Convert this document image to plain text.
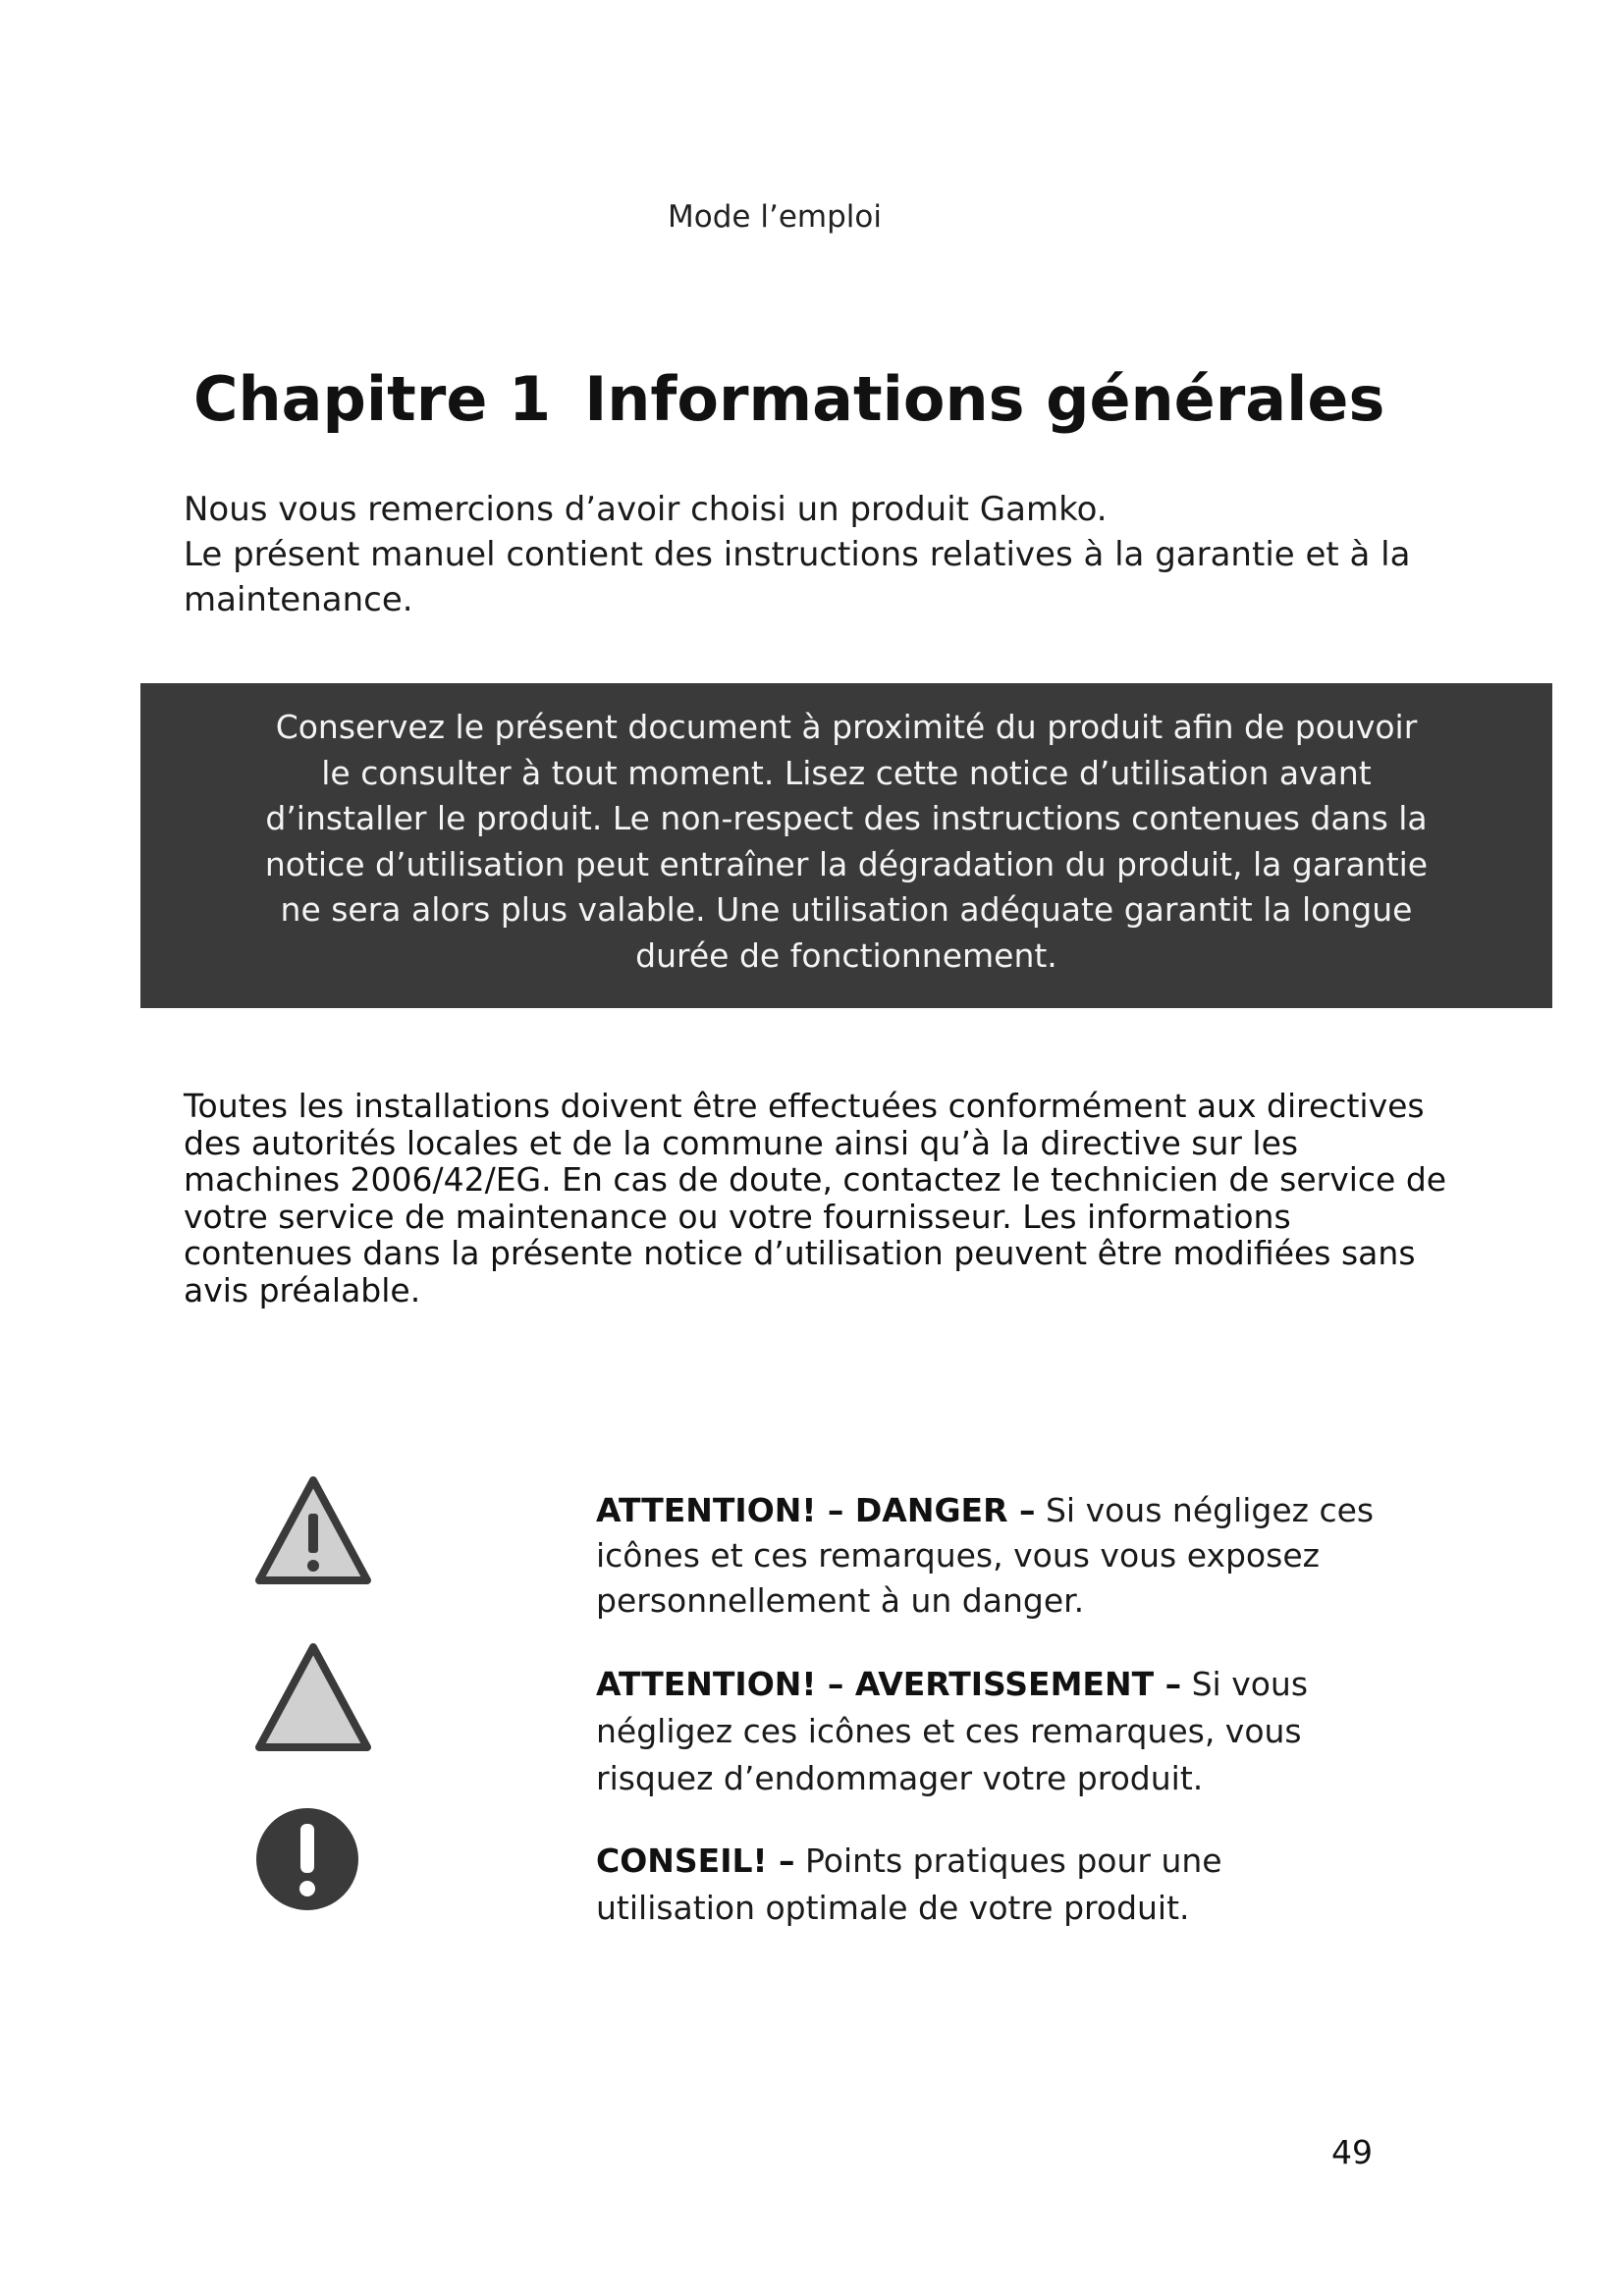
Mode l’emploi
Chapitre 1 Informations générales

Nous vous remercions d’avoir choisi un produit Gamko.

Le présent manuel contient des instructions relatives à la garantie et à la maintenance.

Conservez le présent document à proximité du produit afin de pouvoir le consulter à tout moment. Lisez cette notice d’utilisation avant d’installer le produit. Le non-respect des instructions contenues dans la notice d’utilisation peut entraîner la dégradation du produit, la garantie ne sera alors plus valable. Une utilisation adéquate garantit la longue durée de fonctionnement.

Toutes les installations doivent être effectuées conformément aux directives des autorités locales et de la commune ainsi qu’à la directive sur les machines 2006/42/EG. En cas de doute, contactez le technicien de service de votre service de maintenance ou votre fournisseur. Les informations contenues dans la présente notice d’utilisation peuvent être modifiées sans avis préalable.

ATTENTION! – DANGER – Si vous négligez ces icônes et ces remarques, vous vous exposez personnellement à un danger.

ATTENTION! – AVERTISSEMENT – Si vous négligez ces icônes et ces remarques, vous risquez d’endommager votre produit.

CONSEIL! – Points pratiques pour une utilisation optimale de votre produit.

49
